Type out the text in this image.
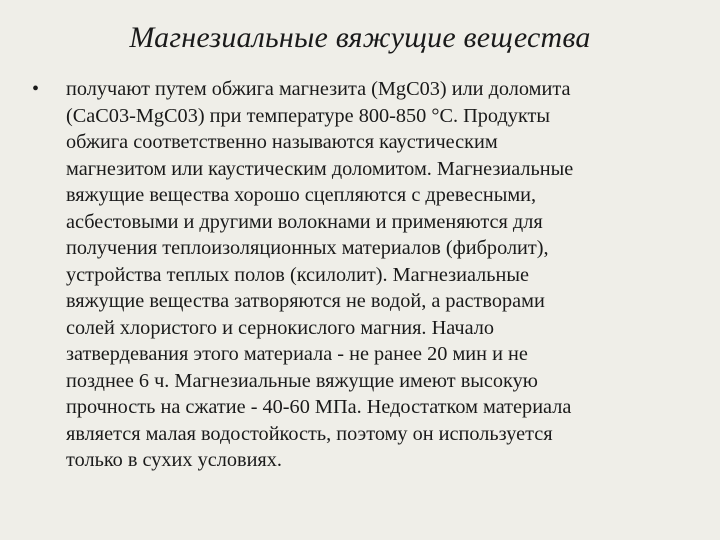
Магнезиальные вяжущие вещества
•	получают путем обжига магнезита (MgC03) или доломита
(CaC03-MgC03) при температуре 800-850 °С. Продукты
обжига соответственно называются каустическим
магнезитом или каустическим доломитом. Магнезиальные
вяжущие вещества хорошо сцепляются с древесными,
асбестовыми и другими волокнами и применяются для
получения теплоизоляционных материалов (фибролит),
устройства теплых полов (ксилолит). Магнезиальные
вяжущие вещества затворяются не водой, а растворами
солей хлористого и сернокислого магния. Начало
затвердевания этого материала - не ранее 20 мин и не
позднее 6 ч. Магнезиальные вяжущие имеют высокую
прочность на сжатие - 40-60 МПа. Недостатком материала
является малая водостойкость, поэтому он используется
только в сухих условиях.
